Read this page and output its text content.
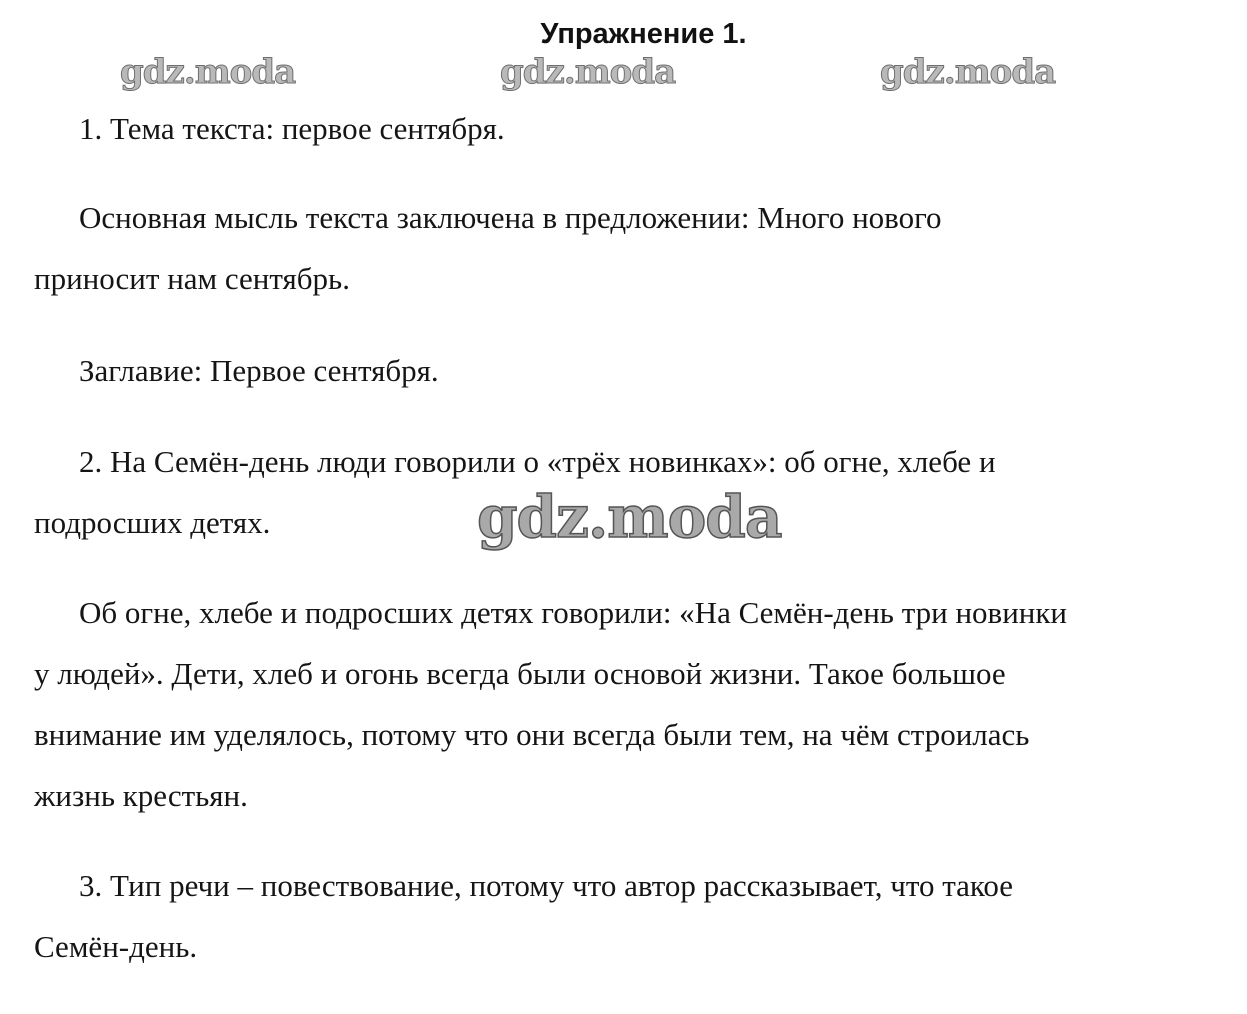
Упражнение 1.
gdz.moda	gdz.moda	gdz.moda
1. Тема текста: первое сентября.
Основная мысль текста заключена в предложении: Много нового
приносит нам сентябрь.
Заглавие: Первое сентября.
2. На Семён-день люди говорили о «трёх новинках»: об огне, хлебе и
подросших детях.
Об огне, хлебе и подросших детях говорили: «На Семён-день три новинки
у людей». Дети, хлеб и огонь всегда были основой жизни. Такое большое
внимание им уделялось, потому что они всегда были тем, на чём строилась
жизнь крестьян.
3. Тип речи – повествование, потому что автор рассказывает, что такое
Семён-день.
gdz.moda
